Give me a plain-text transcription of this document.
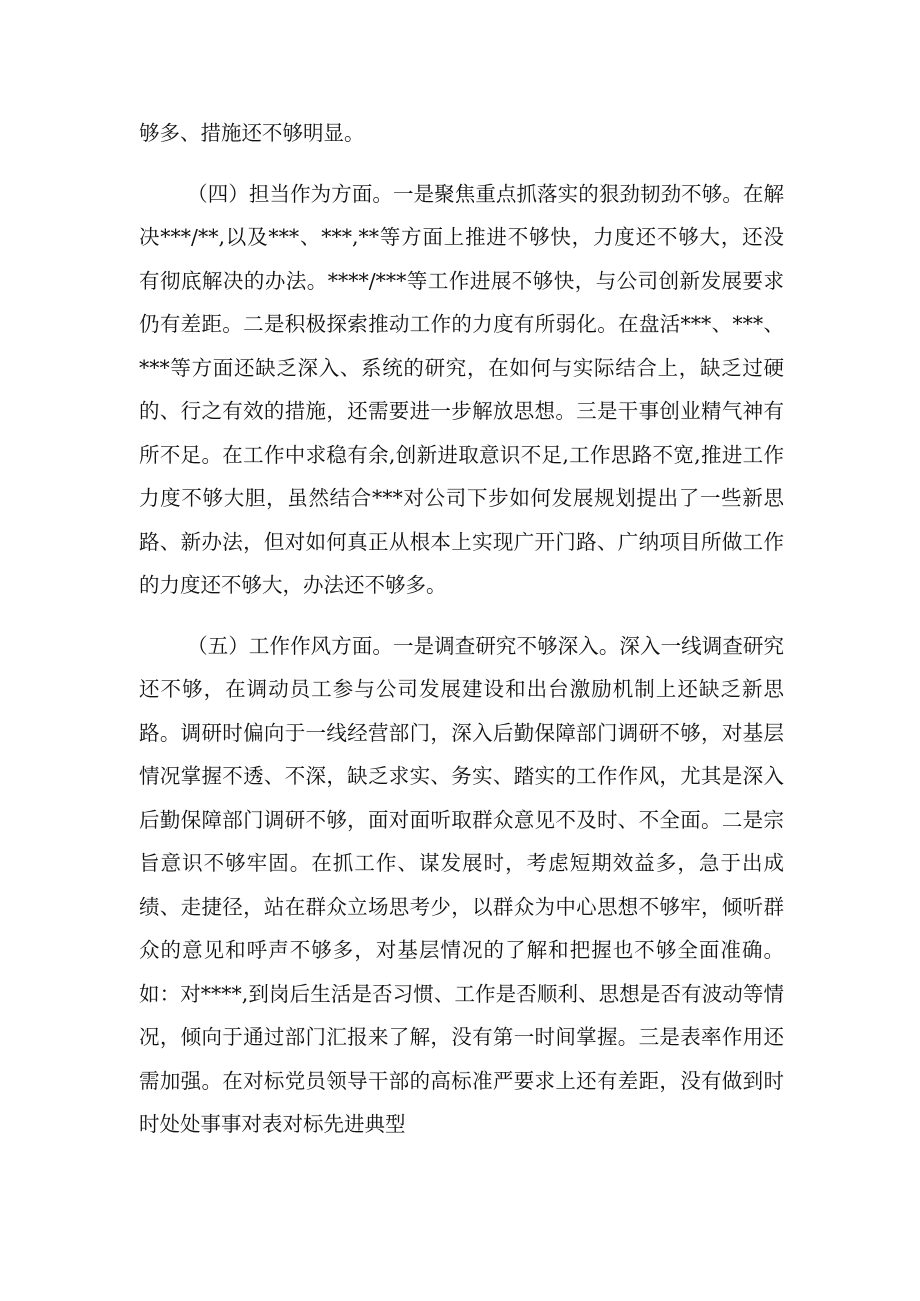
够多、措施还不够明显。

（四）担当作为方面。一是聚焦重点抓落实的狠劲韧劲不够。在解决***/**,以及***、***,**等方面上推进不够快，力度还不够大，还没有彻底解决的办法。****/***等工作进展不够快，与公司创新发展要求仍有差距。二是积极探索推动工作的力度有所弱化。在盘活***、***、***等方面还缺乏深入、系统的研究，在如何与实际结合上，缺乏过硬的、行之有效的措施，还需要进一步解放思想。三是干事创业精气神有所不足。在工作中求稳有余,创新进取意识不足,工作思路不宽,推进工作力度不够大胆，虽然结合***对公司下步如何发展规划提出了一些新思路、新办法，但对如何真正从根本上实现广开门路、广纳项目所做工作的力度还不够大，办法还不够多。

（五）工作作风方面。一是调查研究不够深入。深入一线调查研究还不够，在调动员工参与公司发展建设和出台激励机制上还缺乏新思路。调研时偏向于一线经营部门，深入后勤保障部门调研不够，对基层情况掌握不透、不深，缺乏求实、务实、踏实的工作作风，尤其是深入后勤保障部门调研不够，面对面听取群众意见不及时、不全面。二是宗旨意识不够牢固。在抓工作、谋发展时，考虑短期效益多，急于出成绩、走捷径，站在群众立场思考少，以群众为中心思想不够牢，倾听群众的意见和呼声不够多，对基层情况的了解和把握也不够全面准确。如：对****,到岗后生活是否习惯、工作是否顺利、思想是否有波动等情况，倾向于通过部门汇报来了解，没有第一时间掌握。三是表率作用还需加强。在对标党员领导干部的高标准严要求上还有差距，没有做到时时处处事事对表对标先进典型
